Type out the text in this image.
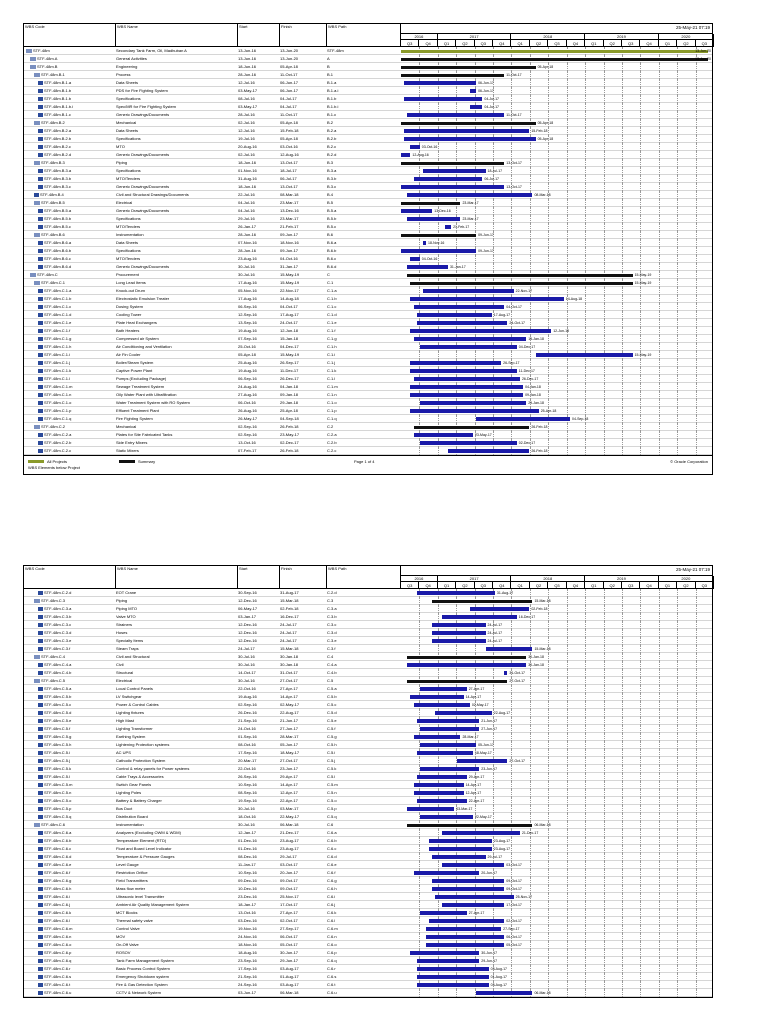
WBS Code	WBS Name	Start	Finish	WBS Path	25-May-21 07:19
2016	2017	2018	2019	2020
Q3	Q4	Q1	Q2	Q3	Q4	Q1	Q2	Q3	Q4	Q1	Q2	Q3	Q4	Q1	Q2	Q3
STF-48m	Secondary Tank Farm, Oil, Madhuban A	13-Jun-16	13-Jun-20	STF-48m	13-Jun-20
STF-48m.A	General Activities	13-Jun-16	13-Jun-20	A	13-Jun-20
STF-48m.B	Engineering	18-Jun-16	05-Apr-18	B	05-Apr-18
STF-48m.B.1	Process	28-Jun-16	11-Oct-17	B.1	11-Oct-17
STF-48m.B.1.a	Data Sheets	12-Jul-16	06-Jun-17	B.1.a	06-Jun-17
STF-48m.B.1.b	PDS for Fire Fighting System	03-May-17	06-Jun-17	B.1.a.i	06-Jun-17
STF-48m.B.1.b	Specifications	08-Jul-16	04-Jul-17	B.1.b	04-Jul-17
STF-48m.B.1.b.i	Spec/MR for Fire Fighting System	03-May-17	04-Jul-17	B.1.b.i	04-Jul-17
STF-48m.B.1.c	Generic Drawings/Documents	28-Jul-16	11-Oct-17	B.1.c	11-Oct-17
STF-48m.B.2	Mechanical	02-Jul-16	05-Apr-18	B.2	05-Apr-18
STF-48m.B.2.a	Data Sheets	12-Jul-16	15-Feb-18	B.2.a	15-Feb-18
STF-48m.B.2.b	Specifications	19-Jul-16	05-Apr-18	B.2.b	05-Apr-18
STF-48m.B.2.c	MTO	20-Aug-16	03-Oct-16	B.2.c	03-Oct-16
STF-48m.B.2.d	Generic Drawings/Documents	02-Jul-16	12-Aug-16	B.2.d	12-Aug-16
STF-48m.B.3	Piping	18-Jun-16	13-Oct-17	B.3	13-Oct-17
STF-48m.B.3.a	Specifications	01-Nov-16	18-Jul-17	B.3.a	18-Jul-17
STF-48m.B.3.b	MTO/Tenders	31-Aug-16	06-Jul-17	B.3.b	06-Jul-17
STF-48m.B.3.c	Generic Drawings/Documents	18-Jun-16	13-Oct-17	B.3.c	13-Oct-17
STF-48m.B.4	Civil and Structural Drawings/Documents	22-Jul-16	08-Mar-18	B.4	08-Mar-18
STF-48m.B.5	Electrical	04-Jul-16	23-Mar-17	B.5	23-Mar-17
STF-48m.B.5.a	Generic Drawings/Documents	04-Jul-16	13-Dec-16	B.5.a	13-Dec-16
STF-48m.B.5.b	Specifications	29-Jul-16	23-Mar-17	B.5.b	23-Mar-17
STF-48m.B.5.c	MTO/Tenders	26-Jan-17	21-Feb-17	B.5.c	21-Feb-17
STF-48m.B.6	Instrumentation	28-Jun-16	09-Jun-17	B.6	09-Jun-17
STF-48m.B.6.a	Data Sheets	07-Nov-16	18-Nov-16	B.6.a	18-Nov-16
STF-48m.B.6.b	Specifications	28-Jun-16	09-Jun-17	B.6.b	09-Jun-17
STF-48m.B.6.c	MTO/Tenders	23-Aug-16	04-Oct-16	B.6.c	04-Oct-16
STF-48m.B.6.d	Generic Drawings/Documents	30-Jul-16	31-Jan-17	B.6.d	31-Jan-17
STF-48m.C	Procurement	30-Jul-16	15-May-19	C	15-May-19
STF-48m.C.1	Long Lead Items	17-Aug-16	15-May-19	C.1	15-May-19
STF-48m.C.1.a	Knock-out Drum	05-Nov-16	22-Nov-17	C.1.a	22-Nov-17
STF-48m.C.1.b	Electrostatic Emulsion Treater	17-Aug-16	14-Aug-18	C.1.b	14-Aug-18
STF-48m.C.1.c	Dosing System	06-Sep-16	04-Oct-17	C.1.c	04-Oct-17
STF-48m.C.1.d	Cooling Tower	12-Sep-16	17-Aug-17	C.1.d	17-Aug-17
STF-48m.C.1.e	Plate Heat Exchangers	13-Sep-16	24-Oct-17	C.1.e	24-Oct-17
STF-48m.C.1.f	Bath Heaters	19-Aug-16	12-Jun-18	C.1.f	12-Jun-18
STF-48m.C.1.g	Compressed air System	07-Sep-16	15-Jan-18	C.1.g	15-Jan-18
STF-48m.C.1.h	Air Conditioning and Ventilation	25-Oct-16	04-Dec-17	C.1.h	04-Dec-17
STF-48m.C.1.i	Air Fin Cooler	05-Apr-18	15-May-19	C.1.i	15-May-19
STF-48m.C.1.j	Boiler/Steam System	25-Aug-16	26-Sep-17	C.1.j	26-Sep-17
STF-48m.C.1.k	Captive Power Plant	19-Aug-16	11-Dec-17	C.1.k	11-Dec-17
STF-48m.C.1.l	Pumps (Excluding Package)	06-Sep-16	26-Dec-17	C.1.l	26-Dec-17
STF-48m.C.1.m	Sewage Treatment System	24-Aug-16	04-Jan-18	C.1.m	04-Jan-18
STF-48m.C.1.n	Oily Water Plant with Ultrafiltration	27-Aug-16	09-Jan-18	C.1.n	09-Jan-18
STF-48m.C.1.o	Water Treatment System with RO System	06-Oct-16	29-Jan-18	C.1.o	29-Jan-18
STF-48m.C.1.p	Effluent Treatment Plant	26-Aug-16	25-Apr-18	C.1.p	25-Apr-18
STF-48m.C.1.q	Fire Fighting System	26-May-17	04-Sep-18	C.1.q	04-Sep-18
STF-48m.C.2	Mechanical	02-Sep-16	26-Feb-18	C.2	26-Feb-18
STF-48m.C.2.a	Plates for Site Fabricated Tanks	02-Sep-16	23-May-17	C.2.a	23-May-17
STF-48m.C.2.b	Side Entry Mixers	13-Oct-16	02-Dec-17	C.2.b	02-Dec-17
STF-48m.C.2.c	Static Mixers	07-Feb-17	26-Feb-18	C.2.c	26-Feb-18
All Projects
WBS Elements below Project
Summary	Page 1 of 4	© Oracle Corporation
WBS Code	WBS Name	Start	Finish	WBS Path	25-May-21 07:19
2016	2017	2018	2019	2020
Q3	Q4	Q1	Q2	Q3	Q4	Q1	Q2	Q3	Q4	Q1	Q2	Q3	Q4	Q1	Q2	Q3
STF-48m.C.2.d	EOT Crane	30-Sep-16	31-Aug-17	C.2.d	31-Aug-17
STF-48m.C.3	Piping	12-Dec-16	15-Mar-18	C.3	15-Mar-18
STF-48m.C.3.a	Piping MTO	06-May-17	02-Feb-18	C.3.a	02-Feb-18
STF-48m.C.3.b	Valve MTO	03-Jan-17	16-Dec-17	C.3.b	16-Dec-17
STF-48m.C.3.c	Strainers	12-Dec-16	24-Jul-17	C.3.c	24-Jul-17
STF-48m.C.3.d	Hoses	12-Dec-16	24-Jul-17	C.3.d	24-Jul-17
STF-48m.C.3.e	Specialty Items	12-Dec-16	24-Jul-17	C.3.e	24-Jul-17
STF-48m.C.3.f	Steam Traps	24-Jul-17	15-Mar-18	C.3.f	15-Mar-18
STF-48m.C.4	Civil and Structural	30-Jul-16	30-Jan-18	C.4	30-Jan-18
STF-48m.C.4.a	Civil	30-Jul-16	30-Jan-18	C.4.a	30-Jan-18
STF-48m.C.4.b	Structural	14-Oct-17	31-Oct-17	C.4.b	31-Oct-17
STF-48m.C.5	Electrical	30-Jul-16	27-Oct-17	C.5	27-Oct-17
STF-48m.C.5.a	Local Control Panels	22-Oct-16	27-Apr-17	C.5.a	27-Apr-17
STF-48m.C.5.b	LV Switchgear	19-Aug-16	14-Apr-17	C.5.b	14-Apr-17
STF-48m.C.5.c	Power & Control Cables	02-Sep-16	02-May-17	C.5.c	02-May-17
STF-48m.C.5.d	Lighting fixtures	26-Dec-16	22-Aug-17	C.5.d	22-Aug-17
STF-48m.C.5.e	High Mast	21-Sep-16	21-Jun-17	C.5.e	21-Jun-17
STF-48m.C.5.f	Lighting Transformer	24-Oct-16	27-Jun-17	C.5.f	27-Jun-17
STF-48m.C.5.g	Earthing System	01-Sep-16	28-Mar-17	C.5.g	28-Mar-17
STF-48m.C.5.h	Lightening Protection systems	08-Oct-16	05-Jun-17	C.5.h	05-Jun-17
STF-48m.C.5.i	AC UPS	17-Sep-16	18-May-17	C.5.i	18-May-17
STF-48m.C.5.j	Cathodic Protection System	20-Mar-17	27-Oct-17	C.5.j	27-Oct-17
STF-48m.C.5.k	Control & relay panels for Power systems	22-Oct-16	23-Jun-17	C.5.k	23-Jun-17
STF-48m.C.5.l	Cable Trays & Accessories	26-Sep-16	29-Apr-17	C.5.l	29-Apr-17
STF-48m.C.5.m	Switch Gear Panels	10-Sep-16	14-Apr-17	C.5.m	14-Apr-17
STF-48m.C.5.n	Lighting Poles	08-Sep-16	12-Apr-17	C.5.n	12-Apr-17
STF-48m.C.5.o	Battery & Battery Charger	19-Sep-16	22-Apr-17	C.5.o	22-Apr-17
STF-48m.C.5.p	Bus Duct	30-Jul-16	03-Mar-17	C.5.p	03-Mar-17
STF-48m.C.5.q	Distribution Board	18-Oct-16	22-May-17	C.5.q	22-May-17
STF-48m.C.6	Instrumentation	30-Jul-16	06-Mar-18	C.6	06-Mar-18
STF-48m.C.6.a	Analyzers (Excluding OWM & WDM)	12-Jan-17	21-Dec-17	C.6.a	21-Dec-17
STF-48m.C.6.b	Temperature Element (RTD)	01-Dec-16	23-Aug-17	C.6.b	23-Aug-17
STF-48m.C.6.c	Float and Board Level Indicator	01-Dec-16	23-Aug-17	C.6.c	23-Aug-17
STF-48m.C.6.d	Temperature & Pressure Gauges	08-Dec-16	29-Jul-17	C.6.d	29-Jul-17
STF-48m.C.6.e	Level Gauge	11-Jan-17	03-Oct-17	C.6.e	03-Oct-17
STF-48m.C.6.f	Restriction Orifice	10-Sep-16	20-Jun-17	C.6.f	20-Jun-17
STF-48m.C.6.g	Field Transmitters	09-Dec-16	09-Oct-17	C.6.g	09-Oct-17
STF-48m.C.6.h	Mass flow meter	10-Dec-16	09-Oct-17	C.6.h	09-Oct-17
STF-48m.C.6.i	Ultrasonic level Transmitter	23-Dec-16	25-Nov-17	C.6.i	25-Nov-17
STF-48m.C.6.j	Ambient Air Quality Management System	18-Jan-17	17-Oct-17	C.6.j	17-Oct-17
STF-48m.C.6.k	MCT Blocks	13-Oct-16	27-Apr-17	C.6.k	27-Apr-17
STF-48m.C.6.l	Thermal safety valve	03-Dec-16	02-Oct-17	C.6.l	02-Oct-17
STF-48m.C.6.m	Control Valve	19-Nov-16	27-Sep-17	C.6.m	27-Sep-17
STF-48m.C.6.n	MOV	24-Nov-16	06-Oct-17	C.6.n	06-Oct-17
STF-48m.C.6.o	On-Off Valve	18-Nov-16	05-Oct-17	C.6.o	05-Oct-17
STF-48m.C.6.p	ROSOV	18-Aug-16	30-Jun-17	C.6.p	30-Jun-17
STF-48m.C.6.q	Tank Farm Management System	23-Sep-16	29-Jun-17	C.6.q	29-Jun-17
STF-48m.C.6.r	Basic Process Control System	17-Sep-16	03-Aug-17	C.6.r	03-Aug-17
STF-48m.C.6.s	Emergency Shutdown system	21-Sep-16	01-Aug-17	C.6.s	01-Aug-17
STF-48m.C.6.t	Fire & Gas Detection System	24-Sep-16	03-Aug-17	C.6.t	03-Aug-17
STF-48m.C.6.u	CCTV & Network System	03-Jun-17	06-Mar-18	C.6.u	06-Mar-18
